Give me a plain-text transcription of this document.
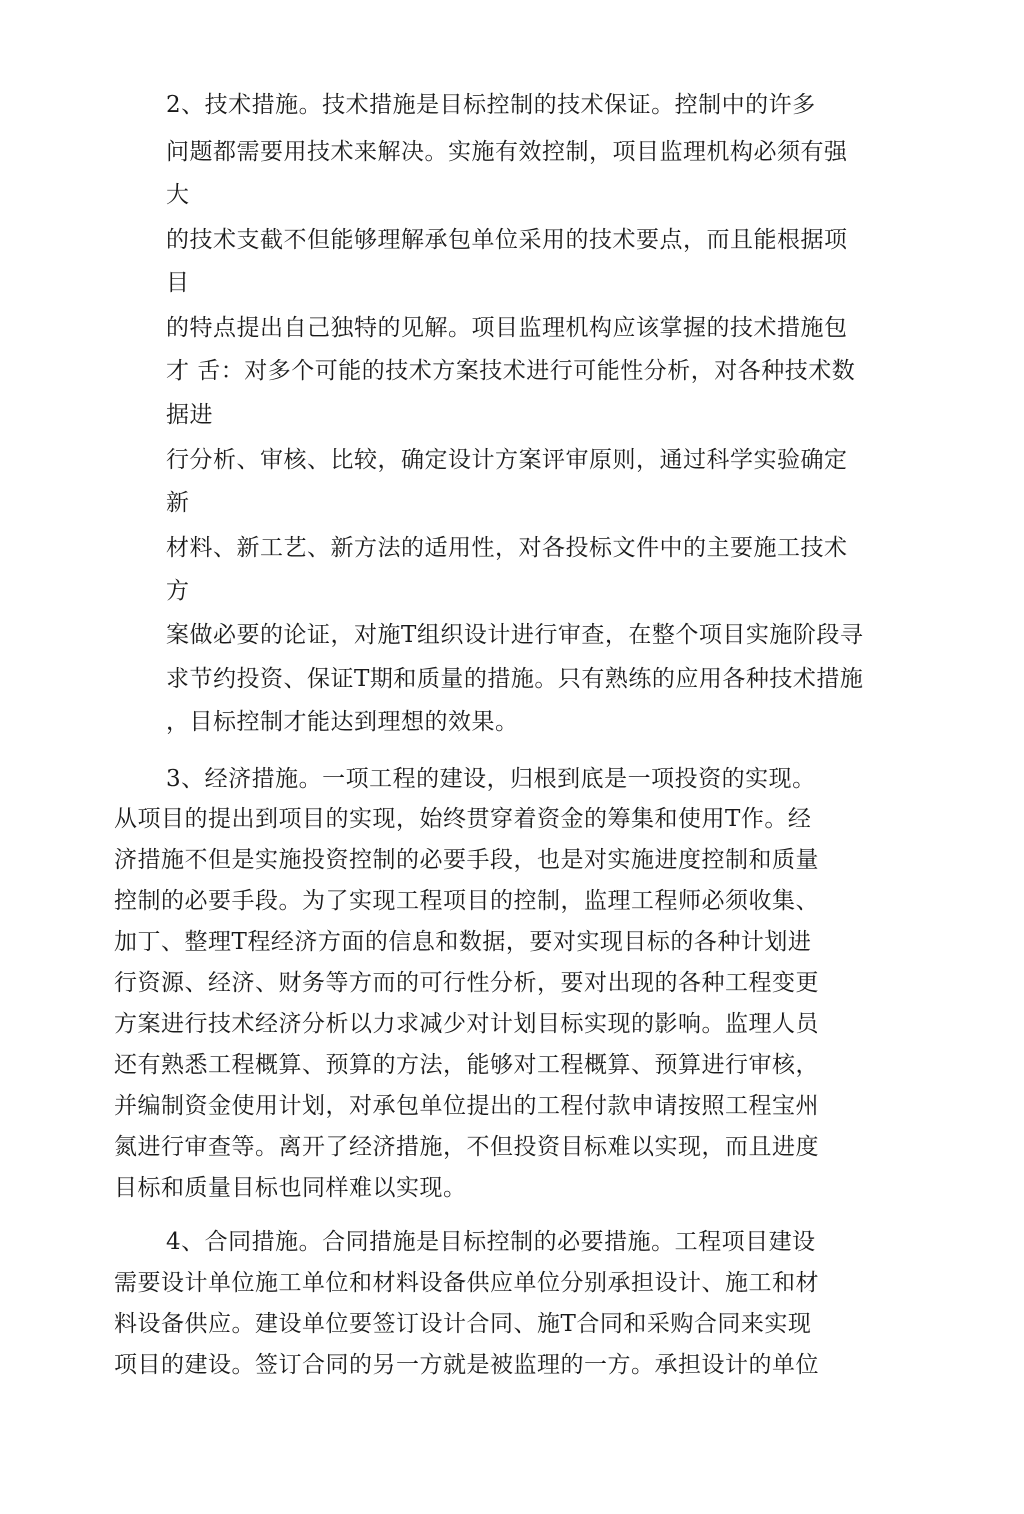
2、技术措施。技术措施是目标控制的技术保证。控制中的许多
问题都需要用技术来解决。实施有效控制，项目监理机构必须有强
大
的技术支截不但能够理解承包单位采用的技术要点，而且能根据项
目
的特点提出自己独特的见解。项目监理机构应该掌握的技术措施包
才 舌：对多个可能的技术方案技术进行可能性分析，对各种技术数
据进
行分析、审核、比较，确定设计方案评审原则，通过科学实验确定
新
材料、新工艺、新方法的适用性，对各投标文件中的主要施工技术
方
案做必要的论证，对施T组织设计进行审查，在整个项目实施阶段寻
求节约投资、保证T期和质量的措施。只有熟练的应用各种技术措施
，目标控制才能达到理想的效果。
3、经济措施。一项工程的建设，归根到底是一项投资的实现。
从项目的提出到项目的实现，始终贯穿着资金的筹集和使用T作。经
济措施不但是实施投资控制的必要手段，也是对实施进度控制和质量
控制的必要手段。为了实现工程项目的控制，监理工程师必须收集、
加丁、整理T程经济方面的信息和数据，要对实现目标的各种计划进
行资源、经济、财务等方而的可行性分析，要对出现的各种工程变更
方案进行技术经济分析以力求减少对计划目标实现的影响。监理人员
还有熟悉工程概算、预算的方法，能够对工程概算、预算进行审核，
并编制资金使用计划，对承包单位提出的工程付款申请按照工程宝州
氮进行审查等。离开了经济措施，不但投资目标难以实现，而且进度
目标和质量目标也同样难以实现。
4、合同措施。合同措施是目标控制的必要措施。工程项目建设
需要设计单位施工单位和材料设备供应单位分别承担设计、施工和材
料设备供应。建设单位要签订设计合同、施T合同和采购合同来实现
项目的建设。签订合同的另一方就是被监理的一方。承担设计的单位
